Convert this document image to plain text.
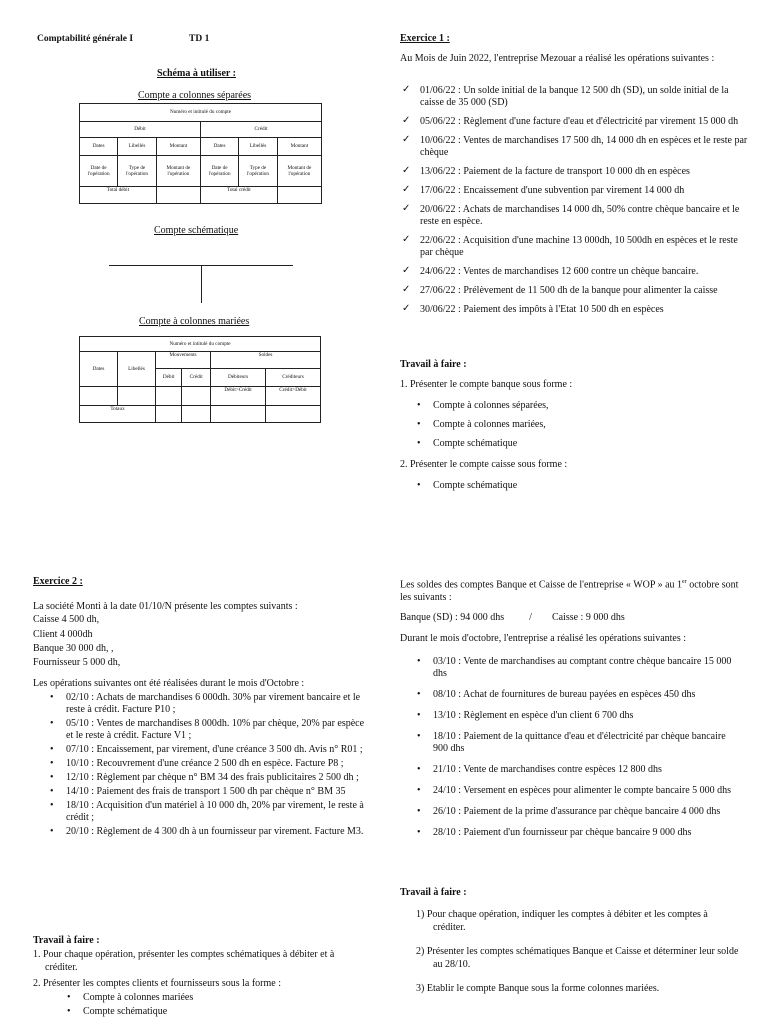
Comptabilité générale I	TD 1
Schéma à utiliser :
Compte a colonnes séparées
Numéro et intitulé du compte					
Débit			Crédit		
Dates	Libellés	Montant	Dates	Libellés	Montant
Date de l'opération	Type de l'opération	Montant de l'opération	Date de l'opération	Type de l'opération	Montant de l'opération
Total débit			Total crédit		
Compte schématique
Compte à colonnes mariées
Numéro et intitulé du compte					
Dates	Libellés	Mouvements		Soldes	
		Débit	Crédit	Débiteurs	Créditeurs
				Débit>Crédit	Crédit>Débit
Totaux					
Exercice 1 :
Au Mois de Juin 2022, l'entreprise Mezouar a réalisé les opérations suivantes :
✓ 01/06/22 : Un solde initial de la banque 12 500 dh (SD), un solde initial de la caisse de 35 000 (SD)
✓ 05/06/22 : Règlement d'une facture d'eau et d'électricité par virement 15 000 dh
✓ 10/06/22 : Ventes de marchandises 17 500 dh, 14 000 dh en espèces et le reste par chèque
✓ 13/06/22 : Paiement de la facture de transport 10 000 dh en espèces
✓ 17/06/22 : Encaissement d'une subvention par virement 14 000 dh
✓ 20/06/22 : Achats de marchandises 14 000 dh, 50% contre chèque bancaire et le reste en espèce.
✓ 22/06/22 : Acquisition d'une machine 13 000dh, 10 500dh en espèces et le reste par chèque
✓ 24/06/22 : Ventes de marchandises 12 600 contre un chèque bancaire.
✓ 27/06/22 : Prélèvement de 11 500 dh de la banque pour alimenter la caisse
✓ 30/06/22 : Paiement des impôts à l'Etat 10 500 dh en espèces
Travail à faire :
1. Présenter le compte banque sous forme :
• Compte à colonnes séparées,
• Compte à colonnes mariées,
• Compte schématique
2. Présenter le compte caisse sous forme :
• Compte schématique
Exercice 2 :
La société Monti à la date 01/10/N présente les comptes suivants :
Caisse 4 500 dh,
Client 4 000dh
Banque 30 000 dh, ,
Fournisseur 5 000 dh,
Les opérations suivantes ont été réalisées durant le mois d'Octobre :
• 02/10 : Achats de marchandises 6 000dh. 30% par virement bancaire et le reste à crédit. Facture P10 ;
• 05/10 : Ventes de marchandises 8 000dh. 10% par chèque, 20% par espèce et le reste à crédit. Facture V1 ;
• 07/10 : Encaissement, par virement, d'une créance 3 500 dh. Avis n° R01 ;
• 10/10 : Recouvrement d'une créance 2 500 dh en espèce. Facture P8 ;
• 12/10 : Règlement par chèque n° BM 34 des frais publicitaires 2 500 dh ;
• 14/10 : Paiement des frais de transport 1 500 dh par chèque n° BM 35
• 18/10 : Acquisition d'un matériel à 10 000 dh, 20% par virement, le reste à crédit ;
• 20/10 : Règlement de 4 300 dh à un fournisseur par virement. Facture M3.
Travail à faire :
1. Pour chaque opération, présenter les comptes schématiques à débiter et à créditer.
2. Présenter les comptes clients et fournisseurs sous la forme :
• Compte à colonnes mariées
• Compte schématique
Les soldes des comptes Banque et Caisse de l'entreprise « WOP » au 1er octobre sont les suivants :
Banque (SD) : 94 000 dhs          /        Caisse : 9 000 dhs
Durant le mois d'octobre, l'entreprise a réalisé les opérations suivantes :
• 03/10 : Vente de marchandises au comptant contre chèque bancaire 15 000 dhs
• 08/10 : Achat de fournitures de bureau payées en espèces 450 dhs
• 13/10 : Règlement en espèce d'un client 6 700 dhs
• 18/10 : Paiement de la quittance d'eau et d'électricité par chèque bancaire 900 dhs
• 21/10 : Vente de marchandises contre espèces 12 800 dhs
• 24/10 : Versement en espèces pour alimenter le compte bancaire 5 000 dhs
• 26/10 : Paiement de la prime d'assurance par chèque bancaire 4 000 dhs
• 28/10 : Paiement d'un fournisseur par chèque bancaire 9 000 dhs
Travail à faire :
1) Pour chaque opération, indiquer les comptes à débiter et les comptes à créditer.
2) Présenter les comptes schématiques Banque et Caisse et déterminer leur solde au 28/10.
3) Etablir le compte Banque sous la forme colonnes mariées.
